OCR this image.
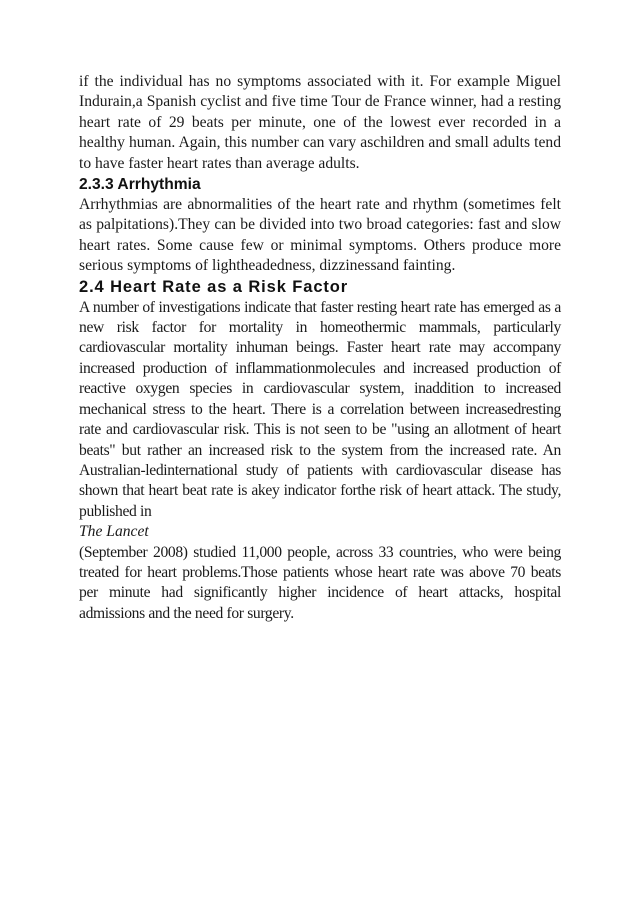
if the individual has no symptoms associated with it. For example Miguel Indurain,a Spanish cyclist and five time Tour de France winner, had a resting heart rate of 29 beats per minute, one of the lowest ever recorded in a healthy human. Again, this number can vary aschildren and small adults tend to have faster heart rates than average adults.

2.3.3 Arrhythmia

Arrhythmias are abnormalities of the heart rate and rhythm (sometimes felt as palpitations).They can be divided into two broad categories: fast and slow heart rates. Some cause few or minimal symptoms. Others produce more serious symptoms of lightheadedness, dizzinessand fainting.

2.4 Heart Rate as a Risk Factor

A number of investigations indicate that faster resting heart rate has emerged as a new risk factor for mortality in homeothermic mammals, particularly cardiovascular mortality inhuman beings. Faster heart rate may accompany increased production of inflammationmolecules and increased production of reactive oxygen species in cardiovascular system, inaddition to increased mechanical stress to the heart. There is a correlation between increasedresting rate and cardiovascular risk. This is not seen to be "using an allotment of heart beats" but rather an increased risk to the system from the increased rate. An Australian-ledinternational study of patients with cardiovascular disease has shown that heart beat rate is akey indicator forthe risk of heart attack. The study, published in

The Lancet

(September 2008) studied 11,000 people, across 33 countries, who were being treated for heart problems.Those patients whose heart rate was above 70 beats per minute had significantly higher incidence of heart attacks, hospital admissions and the need for surgery.
